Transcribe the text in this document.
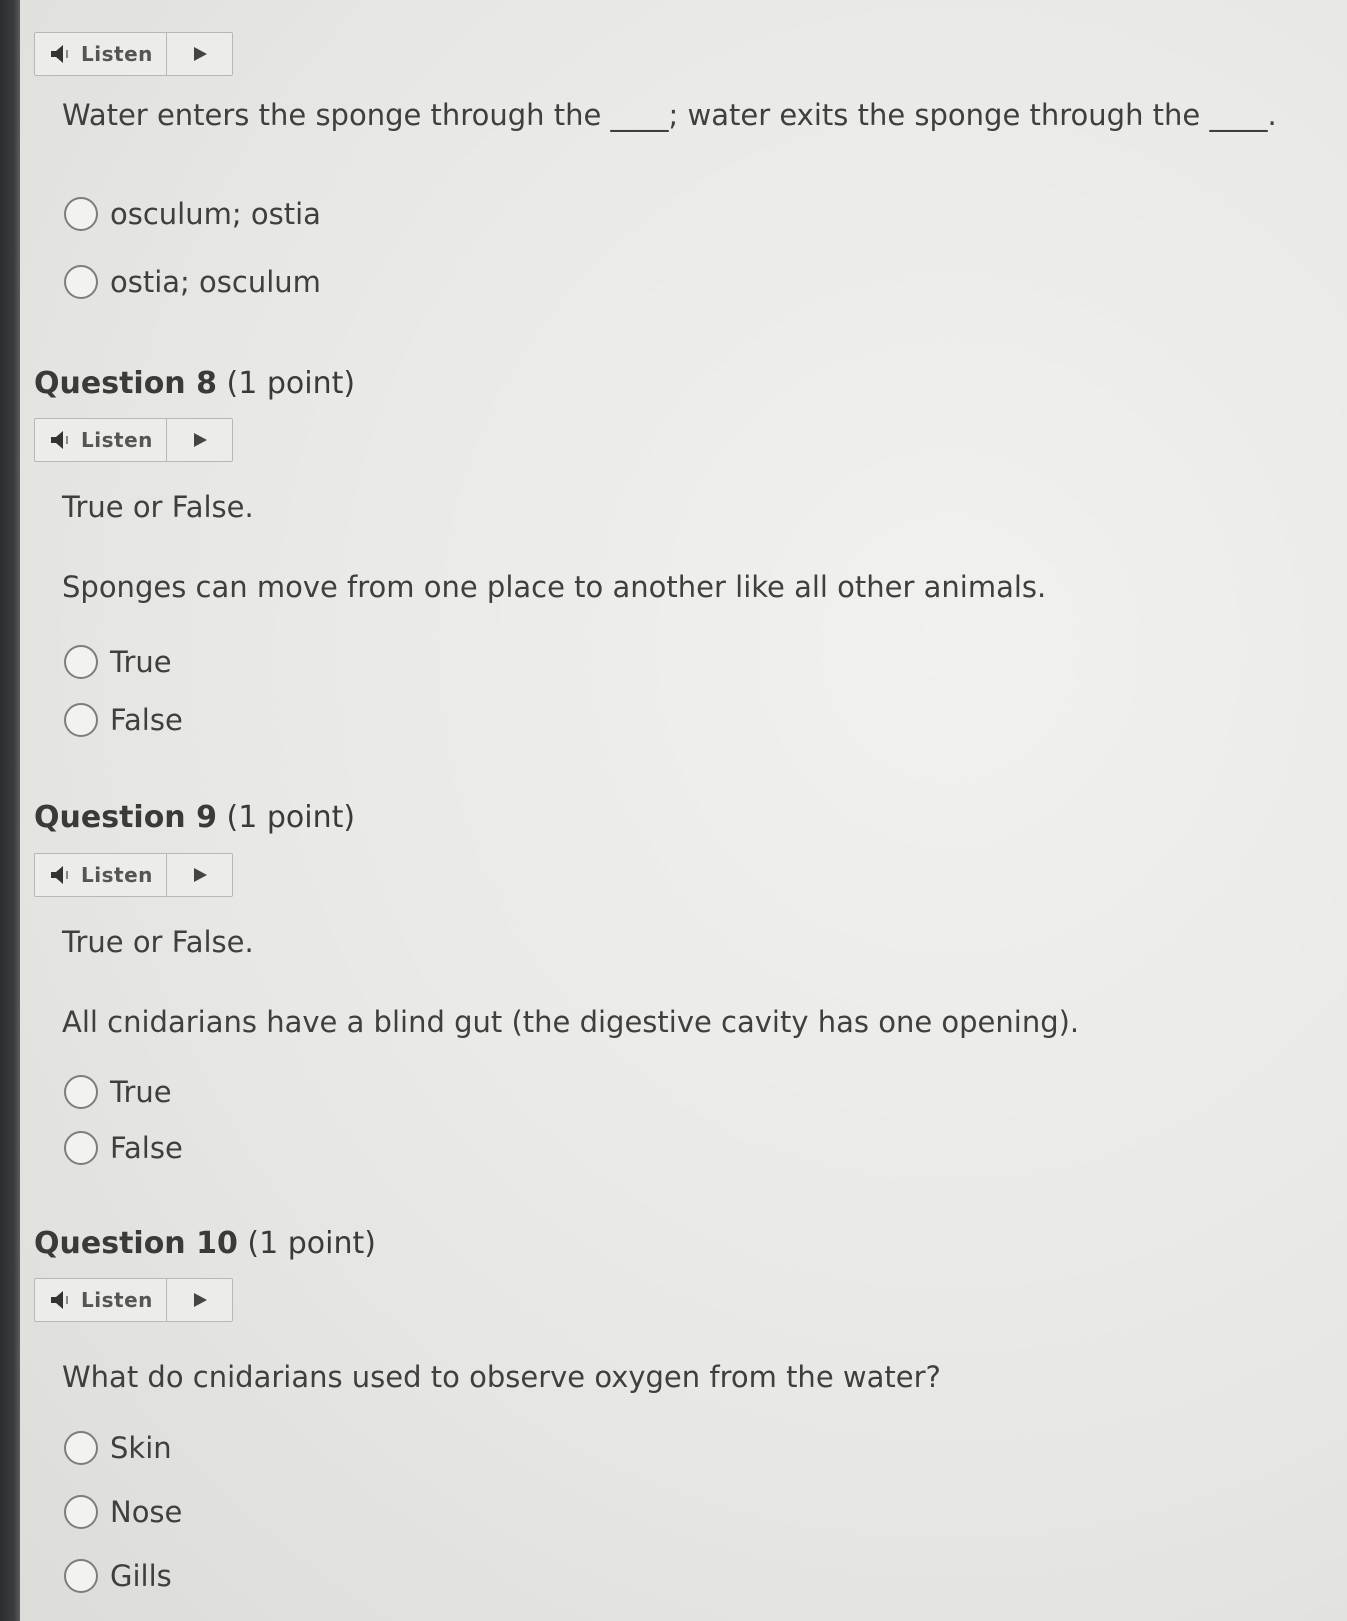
Listen
Water enters the sponge through the ____; water exits the sponge through the ____.
osculum; ostia
ostia; osculum
Question 8 (1 point)
Listen
True or False.
Sponges can move from one place to another like all other animals.
True
False
Question 9 (1 point)
Listen
True or False.
All cnidarians have a blind gut (the digestive cavity has one opening).
True
False
Question 10 (1 point)
Listen
What do cnidarians used to observe oxygen from the water?
Skin
Nose
Gills
